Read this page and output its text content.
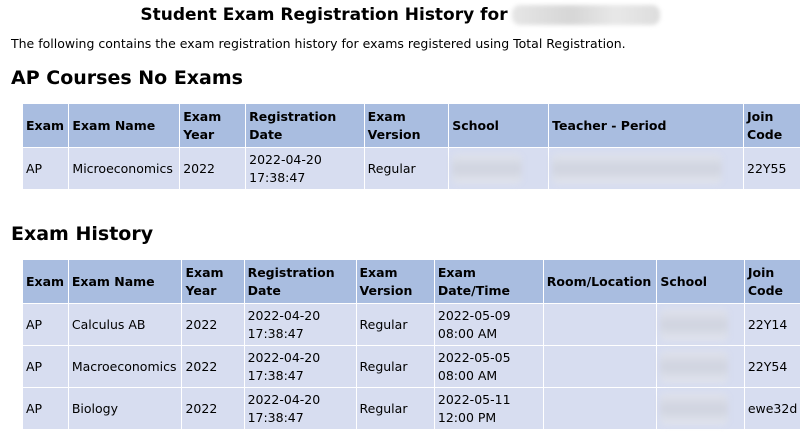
Student Exam Registration History for
The following contains the exam registration history for exams registered using Total Registration.
AP Courses No Exams
Exam	Exam Name	Exam Year	Registration Date	Exam Version	School	Teacher - Period	Join Code
AP	Microeconomics	2022	2022-04-20 17:38:47	Regular			22Y55
Exam History
Exam	Exam Name	Exam Year	Registration Date	Exam Version	Exam Date/Time	Room/Location	School	Join Code
AP	Calculus AB	2022	2022-04-20 17:38:47	Regular	2022-05-09 08:00 AM			22Y14
AP	Macroeconomics	2022	2022-04-20 17:38:47	Regular	2022-05-05 08:00 AM			22Y54
AP	Biology	2022	2022-04-20 17:38:47	Regular	2022-05-11 12:00 PM			ewe32d
